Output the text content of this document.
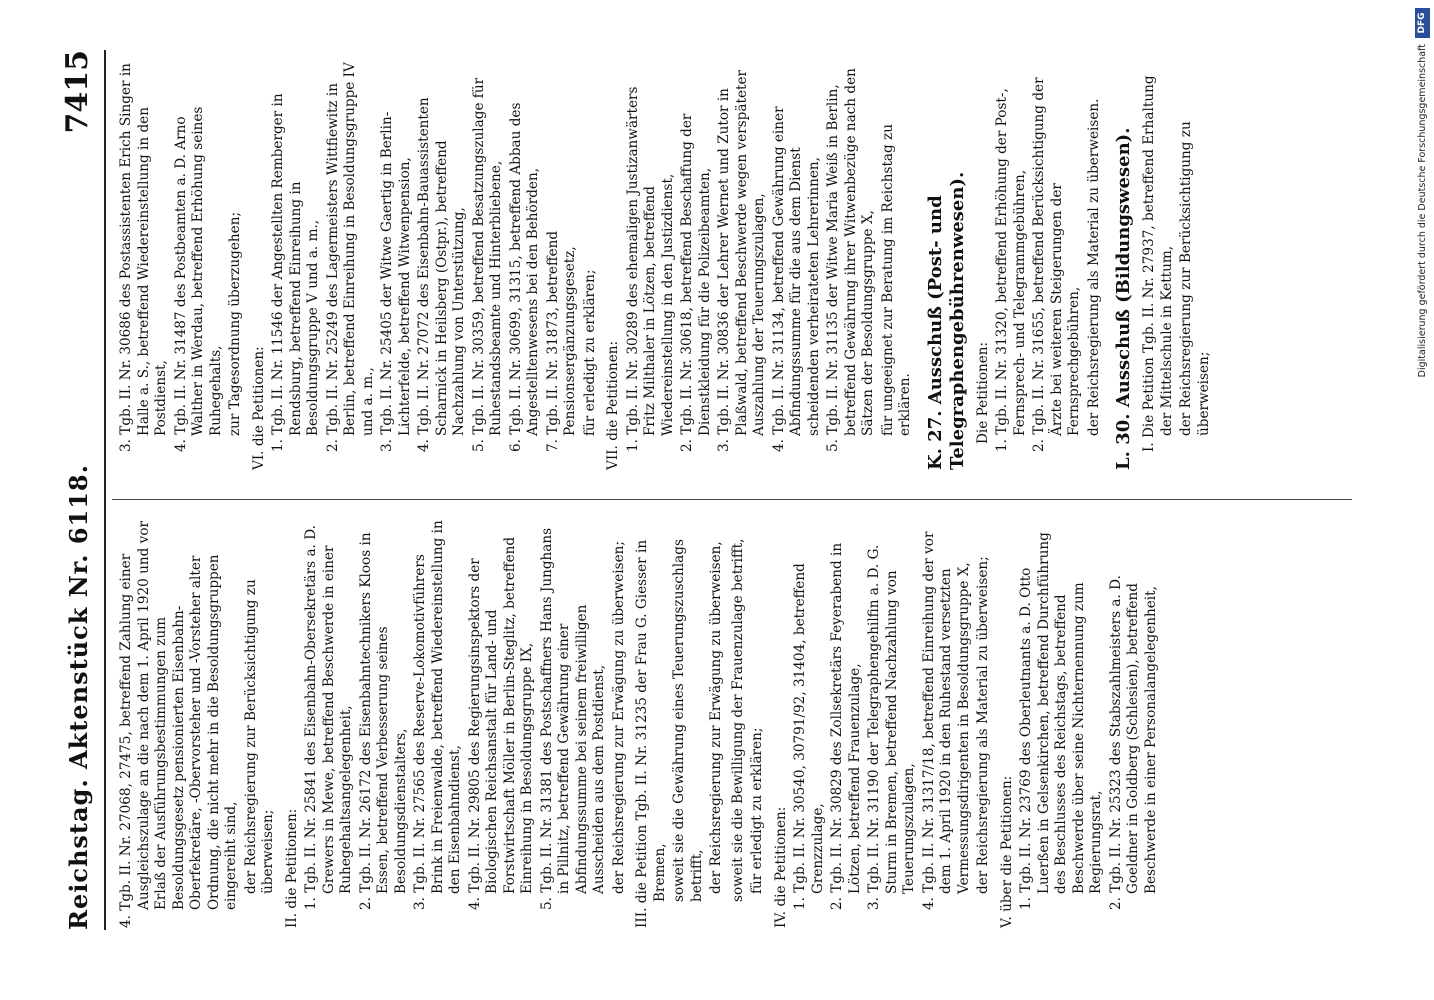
Reichstag. Aktenstück Nr. 6118.
7415

4. Tgb. II. Nr. 27068, 27475, betreffend Zahlung einer Ausgleichszulage an die nach dem 1. April 1920 und vor Erlaß der Ausführungsbestimmungen zum Besoldungsgesetz pensionierten Eisenbahn-Oberfekretäre, -Obervorsteher und -Vorsteher alter Ordnung, die nicht mehr in die Besoldungsgruppen eingereiht sind, der Reichsregierung zur Berücksichtigung zu überweisen; II. die Petitionen: 1. Tgb. II. Nr. 25841 des Eisenbahn-Obersekretärs a. D. Grewers in Mewe, betreffend Beschwerde in einer Ruhegehaltsangelegenheit, 2. Tgb. II. Nr. 26172 des Eisenbahntechnikers Kloos in Essen, betreffend Verbesserung seines Besoldungsdienstalters, 3. Tgb. II. Nr. 27565 des Reserve-Lokomotivführers Brink in Freienwalde, betreffend Wiedereinstellung in den Eisenbahndienst, 4. Tgb. II. Nr. 29805 des Regierungsinspektors der Biologischen Reichsanstalt für Land- und Forstwirtschaft Möller in Berlin-Steglitz, betreffend Einreihung in Besoldungsgruppe IX, 5. Tgb. II. Nr. 31381 des Postschaffners Hans Junghans in Pillnitz, betreffend Gewährung einer Abfindungssumme bei seinem freiwilligen Ausscheiden aus dem Postdienst, der Reichsregierung zur Erwägung zu überweisen; III. die Petition Tgb. II. Nr. 31235 der Frau G. Giesser in Bremen, soweit sie die Gewährung eines Teuerungszuschlags betrifft, der Reichsregierung zur Erwägung zu überweisen, soweit sie die Bewilligung der Frauenzulage betrifft, für erledigt zu erklären; IV. die Petitionen: 1. Tgb. II. Nr. 30540, 30791/92, 31404, betreffend Grenzzulage, 2. Tgb. II. Nr. 30829 des Zollsekretärs Feyerabend in Lötzen, betreffend Frauenzulage, 3. Tgb. II. Nr. 31190 der Telegraphengehilfin a. D. G. Sturm in Bremen, betreffend Nachzahlung von Teuerungszulagen, 4. Tgb. II. Nr. 31317/18, betreffend Einreihung der vor dem 1. April 1920 in den Ruhestand versetzten Vermessungsdirigenten in Besoldungsgruppe X, der Reichsregierung als Material zu überweisen; V. über die Petitionen: 1. Tgb. II. Nr. 23769 des Oberleutnants a. D. Otto Luerßen in Gelsenkirchen, betreffend Durchführung des Beschlusses des Reichstags, betreffend Beschwerde über seine Nichternennung zum Regierungsrat, 2. Tgb. II. Nr. 25323 des Stabszahlmeisters a. D. Goeldner in Goldberg (Schlesien), betreffend Beschwerde in einer Personalangelegenheit,

3. Tgb. II. Nr. 30686 des Postassistenten Erich Singer in Halle a. S., betreffend Wiedereinstellung in den Postdienst, 4. Tgb. II. Nr. 31487 des Postbeamten a. D. Arno Walther in Werdau, betreffend Erhöhung seines Ruhegehalts, zur Tagesordnung überzugehen; VI. die Petitionen: 1. Tgb. II. Nr. 11546 der Angestellten Remberger in Rendsburg, betreffend Einreihung in Besoldungsgruppe V und a. m., 2. Tgb. II. Nr. 25249 des Lagermeisters Wittfiewitz in Berlin, betreffend Einreihung in Besoldungsgruppe IV und a. m., 3. Tgb. II. Nr. 25405 der Witwe Gaertig in Berlin-Lichterfelde, betreffend Witwenpension, 4. Tgb. II. Nr. 27072 des Eisenbahn-Bauassistenten Scharnick in Heilsberg (Ostpr.), betreffend Nachzahlung von Unterstützung, 5. Tgb. II. Nr. 30359, betreffend Besatzungszulage für Ruhestandsbeamte und Hinterbliebene, 6. Tgb. II. Nr. 30699, 31315, betreffend Abbau des Angestelltenwesens bei den Behörden, 7. Tgb. II. Nr. 31873, betreffend Pensionsergänzungsgesetz, für erledigt zu erklären; VII. die Petitionen: 1. Tgb. II. Nr. 30289 des ehemaligen Justizanwärters Fritz Milthaler in Lötzen, betreffend Wiedereinstellung in den Justizdienst, 2. Tgb. II. Nr. 30618, betreffend Beschaffung der Dienstkleidung für die Polizeibeamten, 3. Tgb. II. Nr. 30836 der Lehrer Wernet und Zutor in Plaßwald, betreffend Beschwerde wegen verspäteter Auszahlung der Teuerungszulagen, 4. Tgb. II. Nr. 31134, betreffend Gewährung einer Abfindungssumme für die aus dem Dienst scheidenden verheirateten Lehrerinnen, 5. Tgb. II. Nr. 31135 der Witwe Maria Weiß in Berlin, betreffend Gewährung ihrer Witwenbezüge nach den Sätzen der Besoldungsgruppe X, für ungeeignet zur Beratung im Reichstag zu erklären. K. 27. Ausschuß (Post- und Telegraphengebührenwesen). Die Petitionen: 1. Tgb. II. Nr. 31320, betreffend Erhöhung der Post-, Fernsprech- und Telegrammgebühren, 2. Tgb. II. Nr. 31655, betreffend Berücksichtigung der Ärzte bei weiteren Steigerungen der Fernsprechgebühren, der Reichsregierung als Material zu überweisen. L. 30. Ausschuß (Bildungswesen). I. Die Petition Tgb. II. Nr. 27937, betreffend Erhaltung der Mittelschule in Kettum, der Reichsregierung zur Berücksichtigung zu überweisen;

Digitalisierung gefördert durch die Deutsche Forschungsgemeinschaft
DFG
